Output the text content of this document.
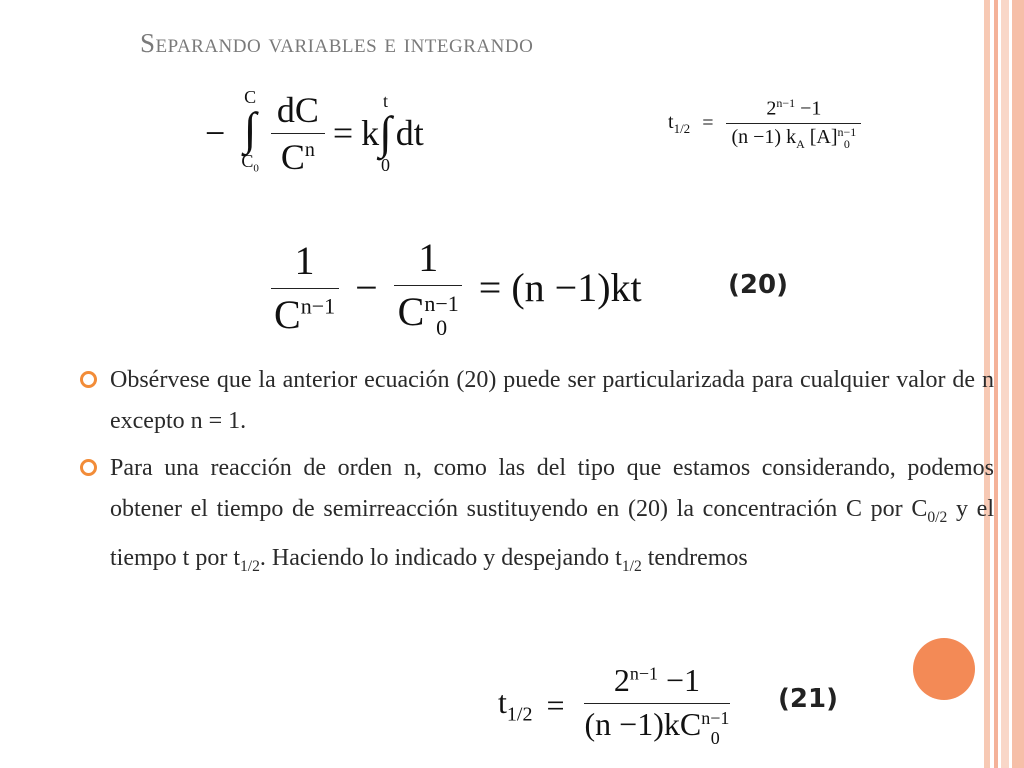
Separando variables e integrando
−
C
∫
$C_0 \frac{dC}{C^n} = k$
t
∫
0
dt	$t_{1/2} = 2^{n-1} -1$
(n −1) $k_A$ [A] n−1
0
$\frac{1}{C^{n-1}} - 1$
C n−1
0 = (n −1)kt	(20)
Obsérvese que la anterior ecuación (20) puede ser particularizada para cualquier valor de n excepto n = 1.
Para una reacción de orden n, como las del tipo que estamos considerando, podemos obtener el tiempo de semirreacción sustituyendo en (20) la concentración C por $C_{0/2}$ y el tiempo t por $t_{1/2}$. Haciendo lo indicado y despejando $t_{1/2}$ tendremos
$t_{1/2} = 2^{n-1} -1$
(n −1)kC n−1
0 (21)
